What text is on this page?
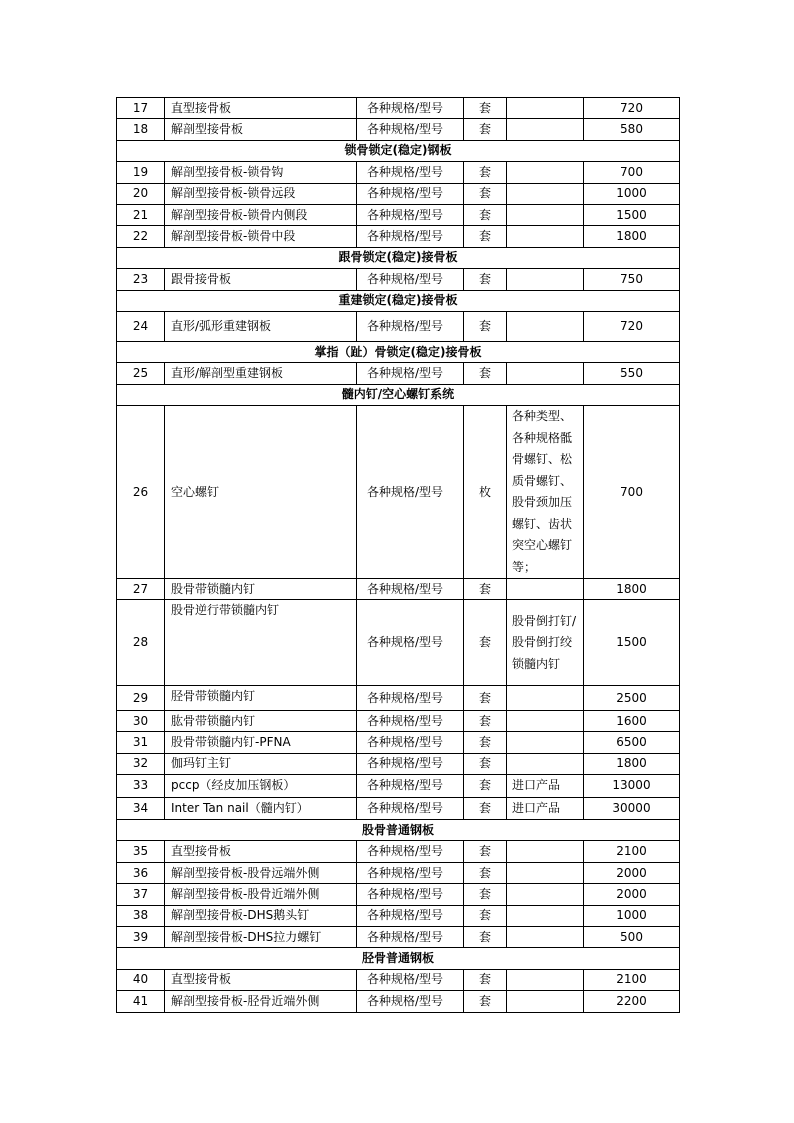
17	直型接骨板	各种规格/型号	套		720
18	解剖型接骨板	各种规格/型号	套		580
锁骨锁定(稳定)钢板					
19	解剖型接骨板-锁骨钩	各种规格/型号	套		700
20	解剖型接骨板-锁骨远段	各种规格/型号	套		1000
21	解剖型接骨板-锁骨内侧段	各种规格/型号	套		1500
22	解剖型接骨板-锁骨中段	各种规格/型号	套		1800
跟骨锁定(稳定)接骨板					
23	跟骨接骨板	各种规格/型号	套		750
重建锁定(稳定)接骨板					
24	直形/弧形重建钢板	各种规格/型号	套		720
掌指（趾）骨锁定(稳定)接骨板					
25	直形/解剖型重建钢板	各种规格/型号	套		550
髓内钉/空心螺钉系统					
26	空心螺钉	各种规格/型号	枚	各种类型、各种规格骶骨螺钉、松质骨螺钉、股骨颈加压螺钉、齿状突空心螺钉等；	700
27	股骨带锁髓内钉	各种规格/型号	套		1800
28	股骨逆行带锁髓内钉	各种规格/型号	套	股骨倒打钉/股骨倒打绞锁髓内钉	1500
29	胫骨带锁髓内钉	各种规格/型号	套		2500
30	肱骨带锁髓内钉	各种规格/型号	套		1600
31	股骨带锁髓内钉-PFNA	各种规格/型号	套		6500
32	伽玛钉主钉	各种规格/型号	套		1800
33	pccp（经皮加压钢板）	各种规格/型号	套	进口产品	13000
34	Inter Tan nail（髓内钉）	各种规格/型号	套	进口产品	30000
股骨普通钢板					
35	直型接骨板	各种规格/型号	套		2100
36	解剖型接骨板-股骨远端外侧	各种规格/型号	套		2000
37	解剖型接骨板-股骨近端外侧	各种规格/型号	套		2000
38	解剖型接骨板-DHS鹅头钉	各种规格/型号	套		1000
39	解剖型接骨板-DHS拉力螺钉	各种规格/型号	套		500
胫骨普通钢板					
40	直型接骨板	各种规格/型号	套		2100
41	解剖型接骨板-胫骨近端外侧	各种规格/型号	套		2200
